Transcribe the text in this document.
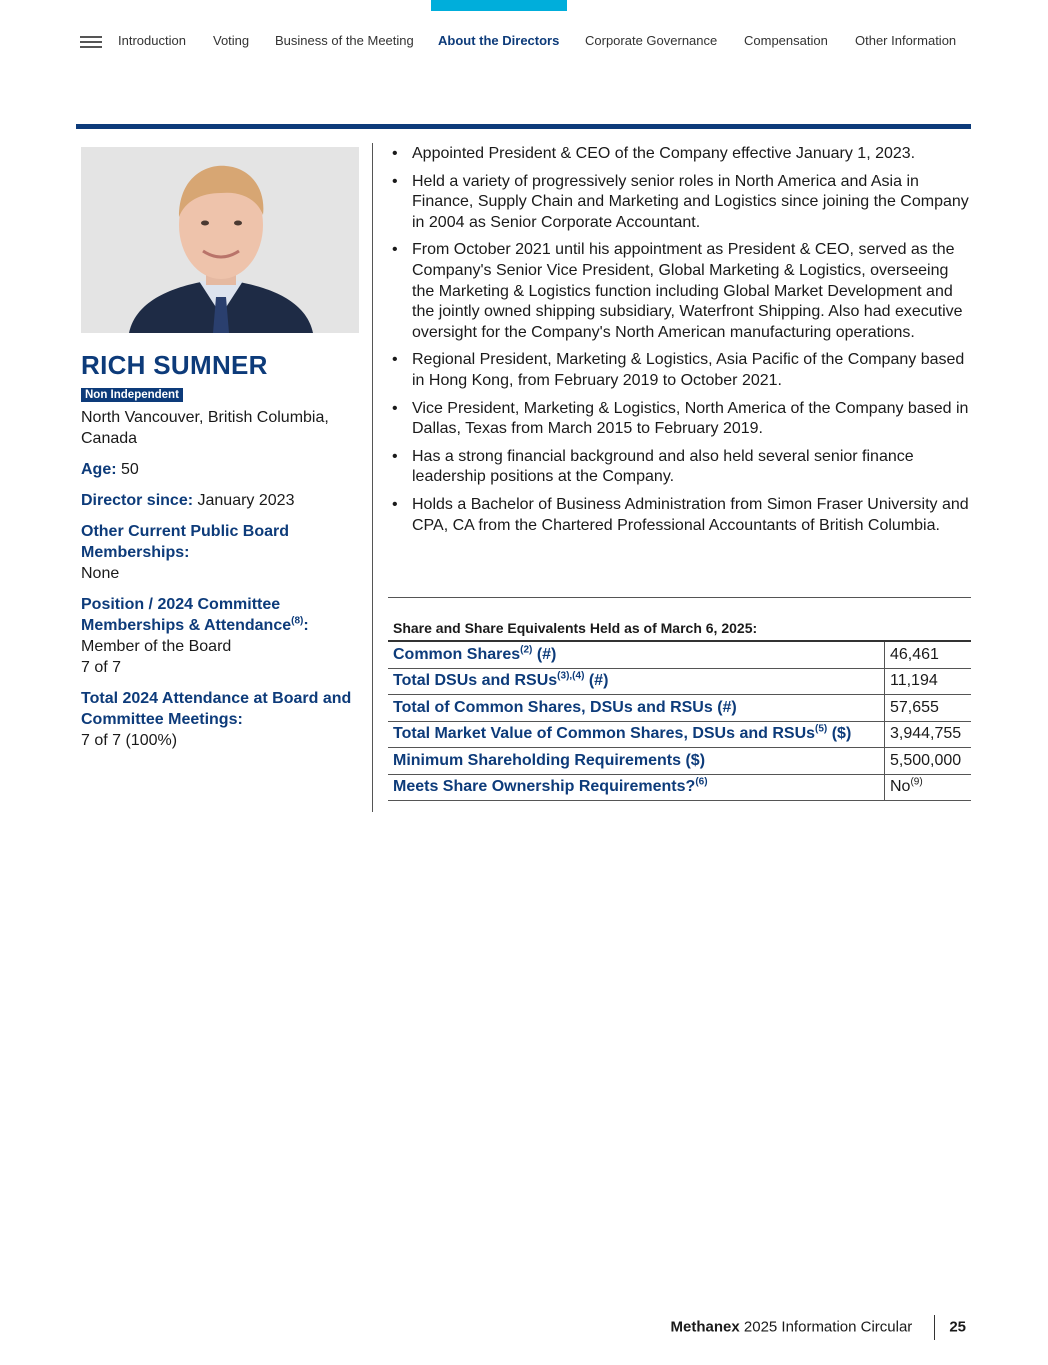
Introduction Voting Business of the Meeting About the Directors Corporate Governance Compensation Other Information
RICH SUMNER
Non Independent

North Vancouver, British Columbia, Canada

Age: 50

Director since: January 2023

Other Current Public Board Memberships:
None

Position / 2024 Committee Memberships & Attendance$^{(8)}$:
Member of the Board
7 of 7

Total 2024 Attendance at Board and Committee Meetings:
7 of 7 (100%)

• Appointed President & CEO of the Company effective January 1, 2023.
• Held a variety of progressively senior roles in North America and Asia in Finance, Supply Chain and Marketing and Logistics since joining the Company in 2004 as Senior Corporate Accountant.
• From October 2021 until his appointment as President & CEO, served as the Company's Senior Vice President, Global Marketing & Logistics, overseeing the Marketing & Logistics function including Global Market Development and the jointly owned shipping subsidiary, Waterfront Shipping. Also had executive oversight for the Company's North American manufacturing operations.
• Regional President, Marketing & Logistics, Asia Pacific of the Company based in Hong Kong, from February 2019 to October 2021.
• Vice President, Marketing & Logistics, North America of the Company based in Dallas, Texas from March 2015 to February 2019.
• Has a strong financial background and also held several senior finance leadership positions at the Company.
• Holds a Bachelor of Business Administration from Simon Fraser University and CPA, CA from the Chartered Professional Accountants of British Columbia.
Share and Share Equivalents Held as of March 6, 2025:
Common Shares$^{(2)}$ (#)	46,461
Total DSUs and RSUs$^{(3),(4)}$ (#)	11,194
Total of Common Shares, DSUs and RSUs (#)	57,655
Total Market Value of Common Shares, DSUs and RSUs$^{(5)}$ ($)	3,944,755
Minimum Shareholding Requirements ($)	5,500,000
Meets Share Ownership Requirements?$^{(6)}$	No$^{(9)}$
Methanex 2025 Information Circular 25
